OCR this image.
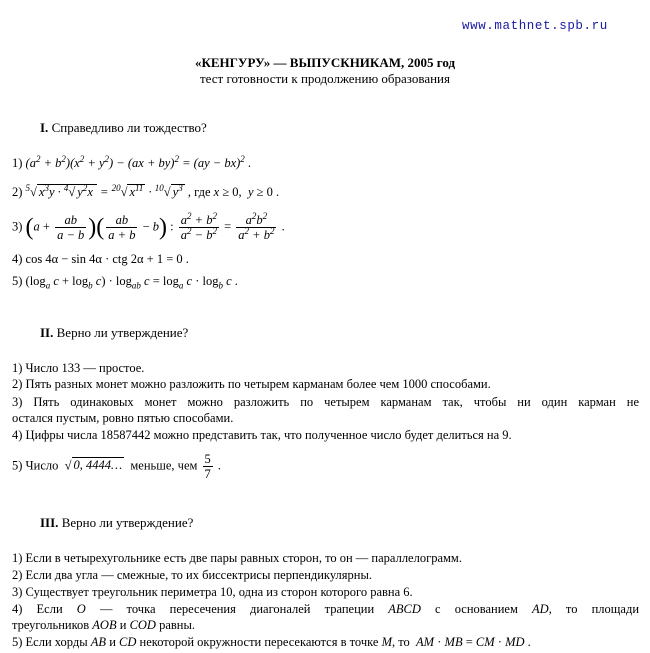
www.mathnet.spb.ru
«КЕНГУРУ» — ВЫПУСКНИКАМ, 2005 год
тест готовности к продолжению образования
I. Справедливо ли тождество?
1) $(a^2 + b^2)(x^2 + y^2) - (ax + by)^2 = (ay - bx)^2$ .
2) $^5$√ $x^3y \cdot ^4√$ $y^2x = ^{20}√$ $x^{11} \cdot ^{10}√$ $y^3$ , где x ≥ 0,  y ≥ 0 .
3) ($a + \frac{ab}{a - b}$ )( $\frac{ab}{a + b} - b$) : $\frac{a^2 + b^2}{a^2 - b^2} = \frac{a^2b^2}{a^2 + b^2}$ .
4) cos 4α − sin 4α · ctg 2α + 1 = 0 .
5) ($\log_a$ $c + \log_b c) \cdot \log_{ab} c = \log_a c \cdot \log_b c$ .
II. Верно ли утверждение?
1) Число 133 — простое.
2) Пять разных монет можно разложить по четырем карманам более чем 1000 способами.
3) Пять одинаковых монет можно разложить по четырем карманам так, чтобы ни один карман не
остался пустым, ровно пятью способами.
4) Цифры числа 18587442 можно представить так, что полученное число будет делиться на 9.
5) Число  √ 0, 4444… меньше, чем $\frac{5}{7}$ .
III. Верно ли утверждение?
1) Если в четырехугольнике есть две пары равных сторон, то он — параллелограмм.
2) Если два угла — смежные, то их биссектрисы перпендикулярны.
3) Существует треугольник периметра 10, одна из сторон которого равна 6.
4) Если O — точка пересечения диагоналей трапеции ABCD с основанием AD, то площади
треугольников AOB и COD равны.
5) Если хорды AB и CD некоторой окружности пересекаются в точке M, то AM · MB = CM · MD .
